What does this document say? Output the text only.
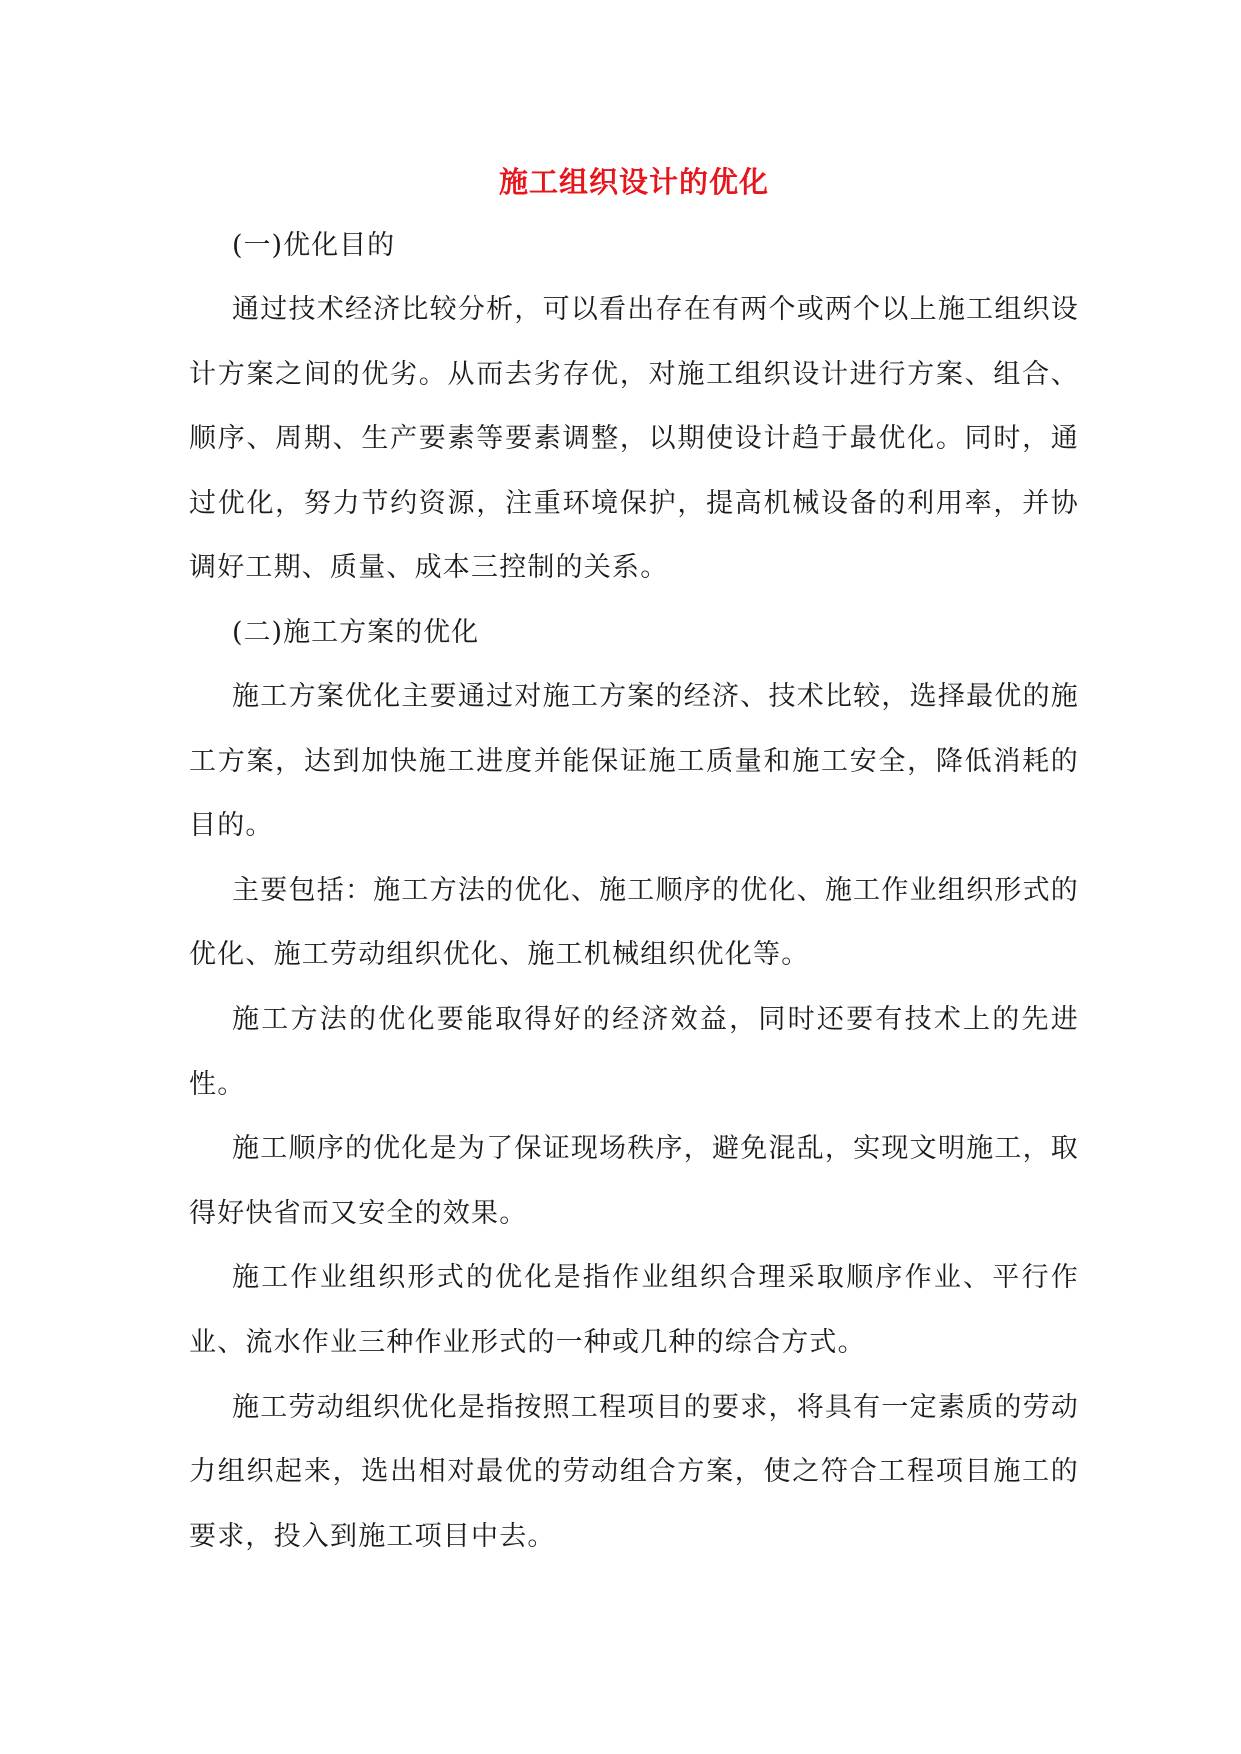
施工组织设计的优化

(一)优化目的

通过技术经济比较分析，可以看出存在有两个或两个以上施工组织设计方案之间的优劣。从而去劣存优，对施工组织设计进行方案、组合、顺序、周期、生产要素等要素调整，以期使设计趋于最优化。同时，通过优化，努力节约资源，注重环境保护，提高机械设备的利用率，并协调好工期、质量、成本三控制的关系。

(二)施工方案的优化

施工方案优化主要通过对施工方案的经济、技术比较，选择最优的施工方案，达到加快施工进度并能保证施工质量和施工安全，降低消耗的目的。

主要包括：施工方法的优化、施工顺序的优化、施工作业组织形式的优化、施工劳动组织优化、施工机械组织优化等。

施工方法的优化要能取得好的经济效益，同时还要有技术上的先进性。

施工顺序的优化是为了保证现场秩序，避免混乱，实现文明施工，取得好快省而又安全的效果。

施工作业组织形式的优化是指作业组织合理采取顺序作业、平行作业、流水作业三种作业形式的一种或几种的综合方式。

施工劳动组织优化是指按照工程项目的要求，将具有一定素质的劳动力组织起来，选出相对最优的劳动组合方案，使之符合工程项目施工的要求，投入到施工项目中去。
